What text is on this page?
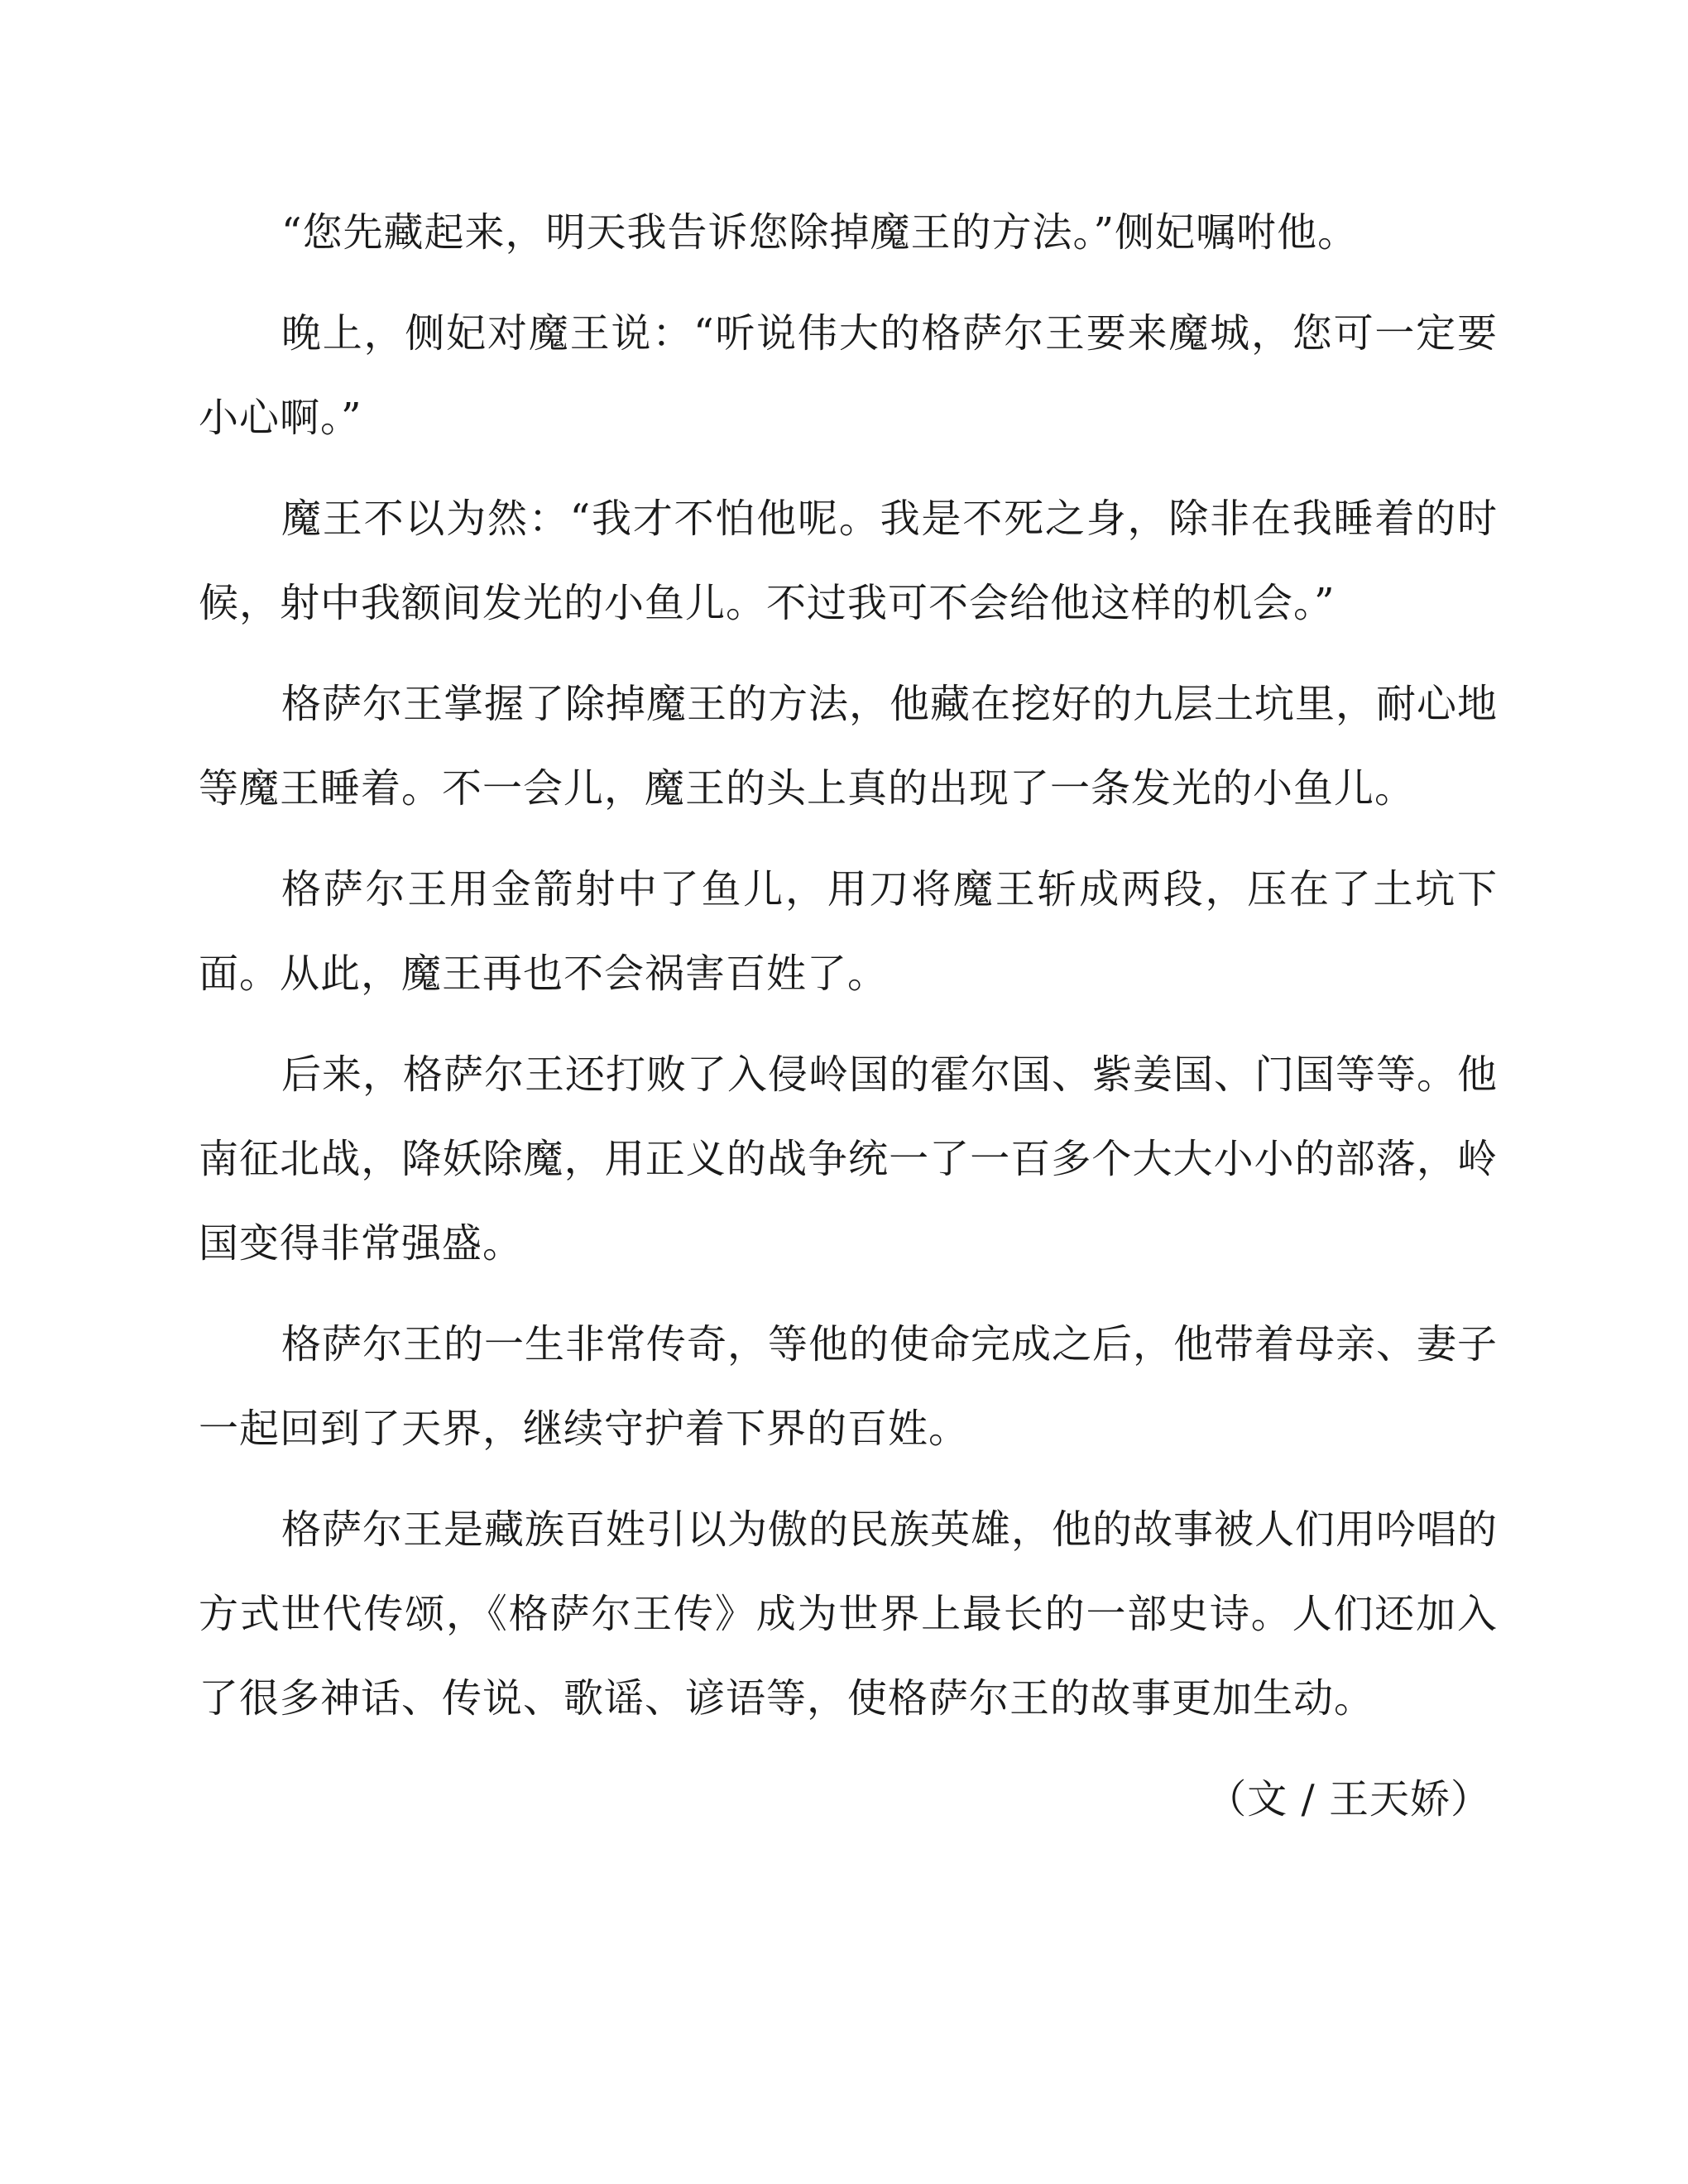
“您先藏起来，明天我告诉您除掉魔王的方法。”侧妃嘱咐他。

晚上，侧妃对魔王说：“听说伟大的格萨尔王要来魔城，您可一定要小心啊。”

魔王不以为然：“我才不怕他呢。我是不死之身，除非在我睡着的时候，射中我额间发光的小鱼儿。不过我可不会给他这样的机会。”

格萨尔王掌握了除掉魔王的方法，他藏在挖好的九层土坑里，耐心地等魔王睡着。不一会儿，魔王的头上真的出现了一条发光的小鱼儿。

格萨尔王用金箭射中了鱼儿，用刀将魔王斩成两段，压在了土坑下面。从此，魔王再也不会祸害百姓了。

后来，格萨尔王还打败了入侵岭国的霍尔国、紫姜国、门国等等。他南征北战，降妖除魔，用正义的战争统一了一百多个大大小小的部落，岭国变得非常强盛。

格萨尔王的一生非常传奇，等他的使命完成之后，他带着母亲、妻子一起回到了天界，继续守护着下界的百姓。

格萨尔王是藏族百姓引以为傲的民族英雄，他的故事被人们用吟唱的方式世代传颂，《格萨尔王传》成为世界上最长的一部史诗。人们还加入了很多神话、传说、歌谣、谚语等，使格萨尔王的故事更加生动。

（文 / 王天娇）
